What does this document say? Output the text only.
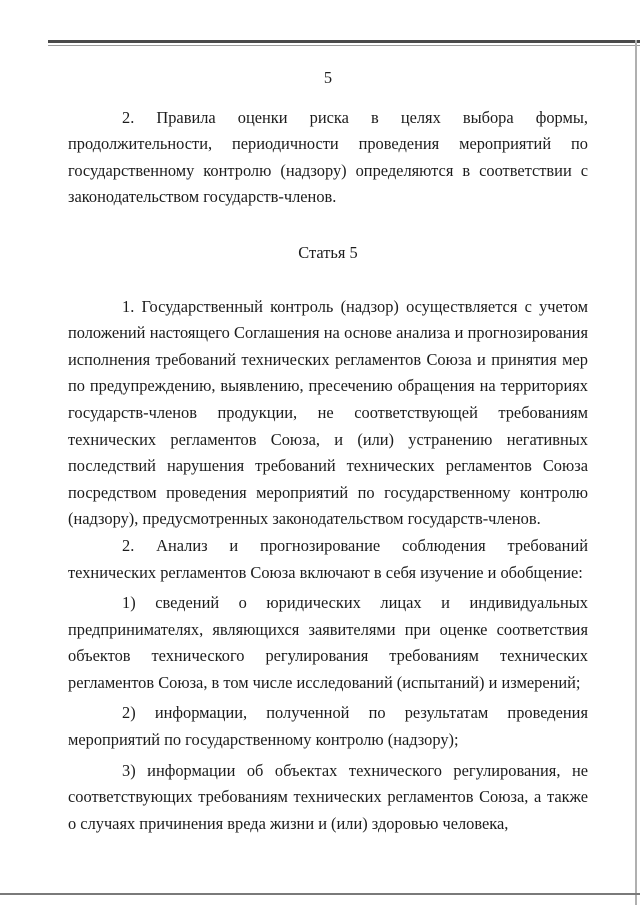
5

2. Правила оценки риска в целях выбора формы, продолжительности, периодичности проведения мероприятий по государственному контролю (надзору) определяются в соответствии с законодательством государств-членов.

Статья 5

1. Государственный контроль (надзор) осуществляется с учетом положений настоящего Соглашения на основе анализа и прогнозирования исполнения требований технических регламентов Союза и принятия мер по предупреждению, выявлению, пресечению обращения на территориях государств-членов продукции, не соответствующей требованиям технических регламентов Союза, и (или) устранению негативных последствий нарушения требований технических регламентов Союза посредством проведения мероприятий по государственному контролю (надзору), предусмотренных законодательством государств-членов.

2. Анализ и прогнозирование соблюдения требований технических регламентов Союза включают в себя изучение и обобщение:

1) сведений о юридических лицах и индивидуальных предпринимателях, являющихся заявителями при оценке соответствия объектов технического регулирования требованиям технических регламентов Союза, в том числе исследований (испытаний) и измерений;

2) информации, полученной по результатам проведения мероприятий по государственному контролю (надзору);

3) информации об объектах технического регулирования, не соответствующих требованиям технических регламентов Союза, а также о случаях причинения вреда жизни и (или) здоровью человека,
